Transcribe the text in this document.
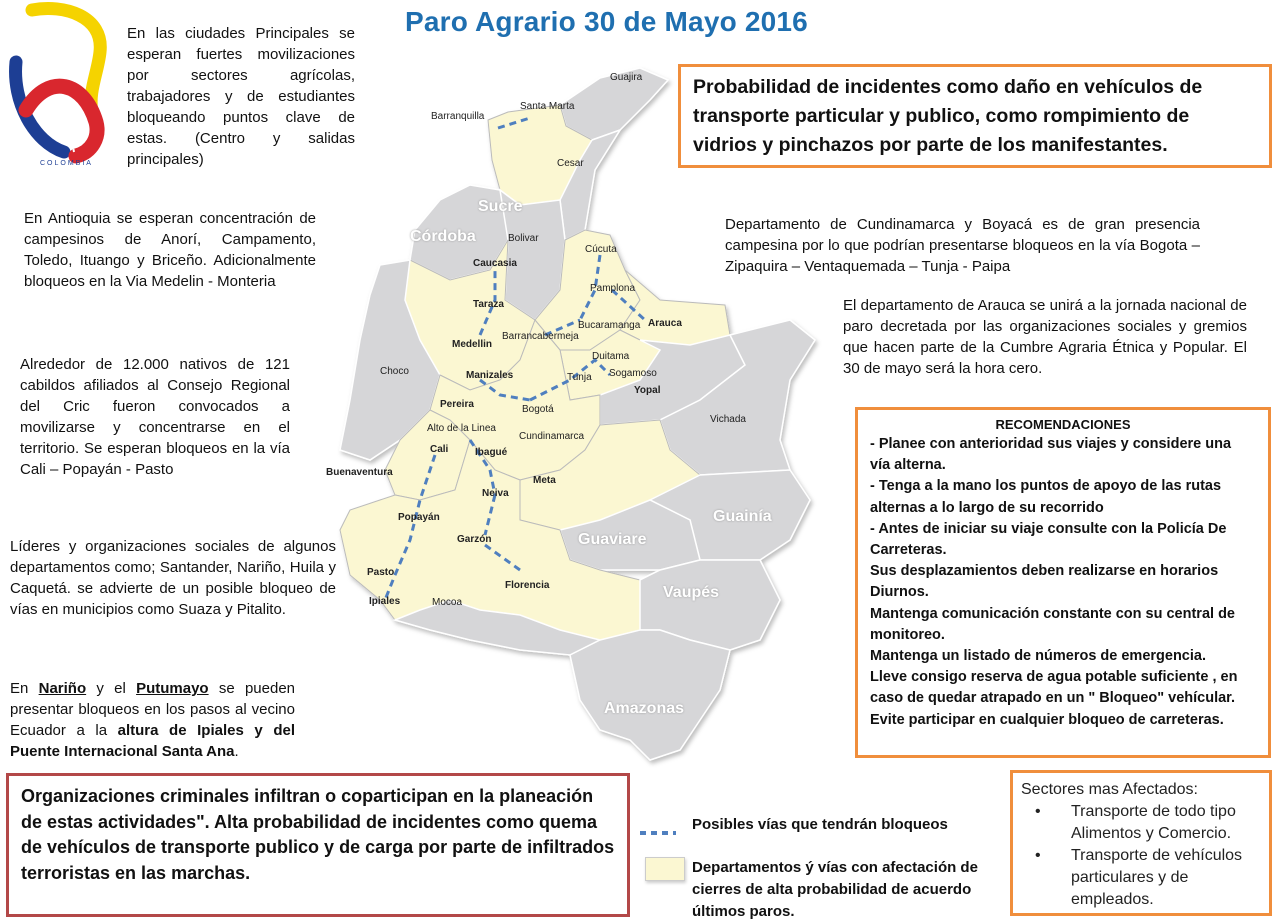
Guajira
Santa Marta
Barranquilla
Cesar
Sucre
Córdoba	Bolivar
Cúcuta
Caucasia
Pamplona
Taraza
Arauca
Bucaramanga
Barrancabermeja
Medellin
Duitama
Sogamoso
Tunja
Yopal
Choco	Manizales
Pereira	Bogotá
Vichada
Alto de la Linea
Cundinamarca
Cali	Ibagué
Buenaventura
Meta
Neiva
Guainía
Popayán
Guaviare
Garzón
Pasto
Florencia	Vaupés
Ipiales	Mocoa
Amazonas
Paro Agrario 30 de Mayo 2016
COLOMBIA
En las ciudades Principales se esperan fuertes movilizaciones por sectores agrícolas, trabajadores y de estudiantes bloqueando puntos clave de estas. (Centro y salidas principales)
En Antioquia se esperan concentración de campesinos de Anorí, Campamento, Toledo, Ituango y Briceño. Adicionalmente bloqueos en la Via Medelin - Monteria
Alrededor de 12.000 nativos de 121 cabildos afiliados al Consejo Regional del Cric fueron convocados a movilizarse y concentrarse en el territorio. Se esperan bloqueos en la vía Cali – Popayán - Pasto
Líderes y organizaciones sociales de algunos departamentos como; Santander, Nariño, Huila y Caquetá. se advierte de un posible bloqueo de vías en municipios como Suaza y Pitalito.
En Nariño y el Putumayo se pueden presentar bloqueos en los pasos al vecino Ecuador a la altura de Ipiales y del Puente Internacional Santa Ana.
Probabilidad de incidentes como daño en vehículos de transporte particular y publico, como rompimiento de vidrios y pinchazos por parte de los manifestantes.
Departamento de Cundinamarca y Boyacá es de gran presencia campesina por lo que podrían presentarse bloqueos en la vía Bogota – Zipaquira – Ventaquemada – Tunja - Paipa
El departamento de Arauca se unirá a la jornada nacional de paro decretada por las organizaciones sociales y gremios que hacen parte de la Cumbre Agraria Étnica y Popular. El 30 de mayo será la hora cero.
RECOMENDACIONES
- Planee con anterioridad sus viajes y considere una
vía alterna.
- Tenga a la mano los puntos de apoyo de las rutas
alternas a lo largo de su recorrido
- Antes de iniciar su viaje consulte con la Policía De
Carreteras.
Sus desplazamientos deben realizarse en horarios
Diurnos.
Mantenga comunicación constante con su central de
monitoreo.
Mantenga un listado de números de emergencia.
Lleve consigo reserva de agua potable suficiente , en
caso de quedar atrapado en un " Bloqueo" vehícular.
Evite participar en cualquier bloqueo de carreteras.
Organizaciones criminales infiltran o coparticipan en la planeación de estas actividades". Alta probabilidad de incidentes como quema de vehículos de transporte publico y de carga por parte de infiltrados terroristas en las marchas.
Posibles vías que tendrán bloqueos
Departamentos ý vías con afectación de cierres de alta probabilidad de acuerdo últimos paros.
Sectores mas Afectados:
• Transporte de todo tipo
Alimentos y Comercio.
• Transporte de vehículos
particulares y de
empleados.
